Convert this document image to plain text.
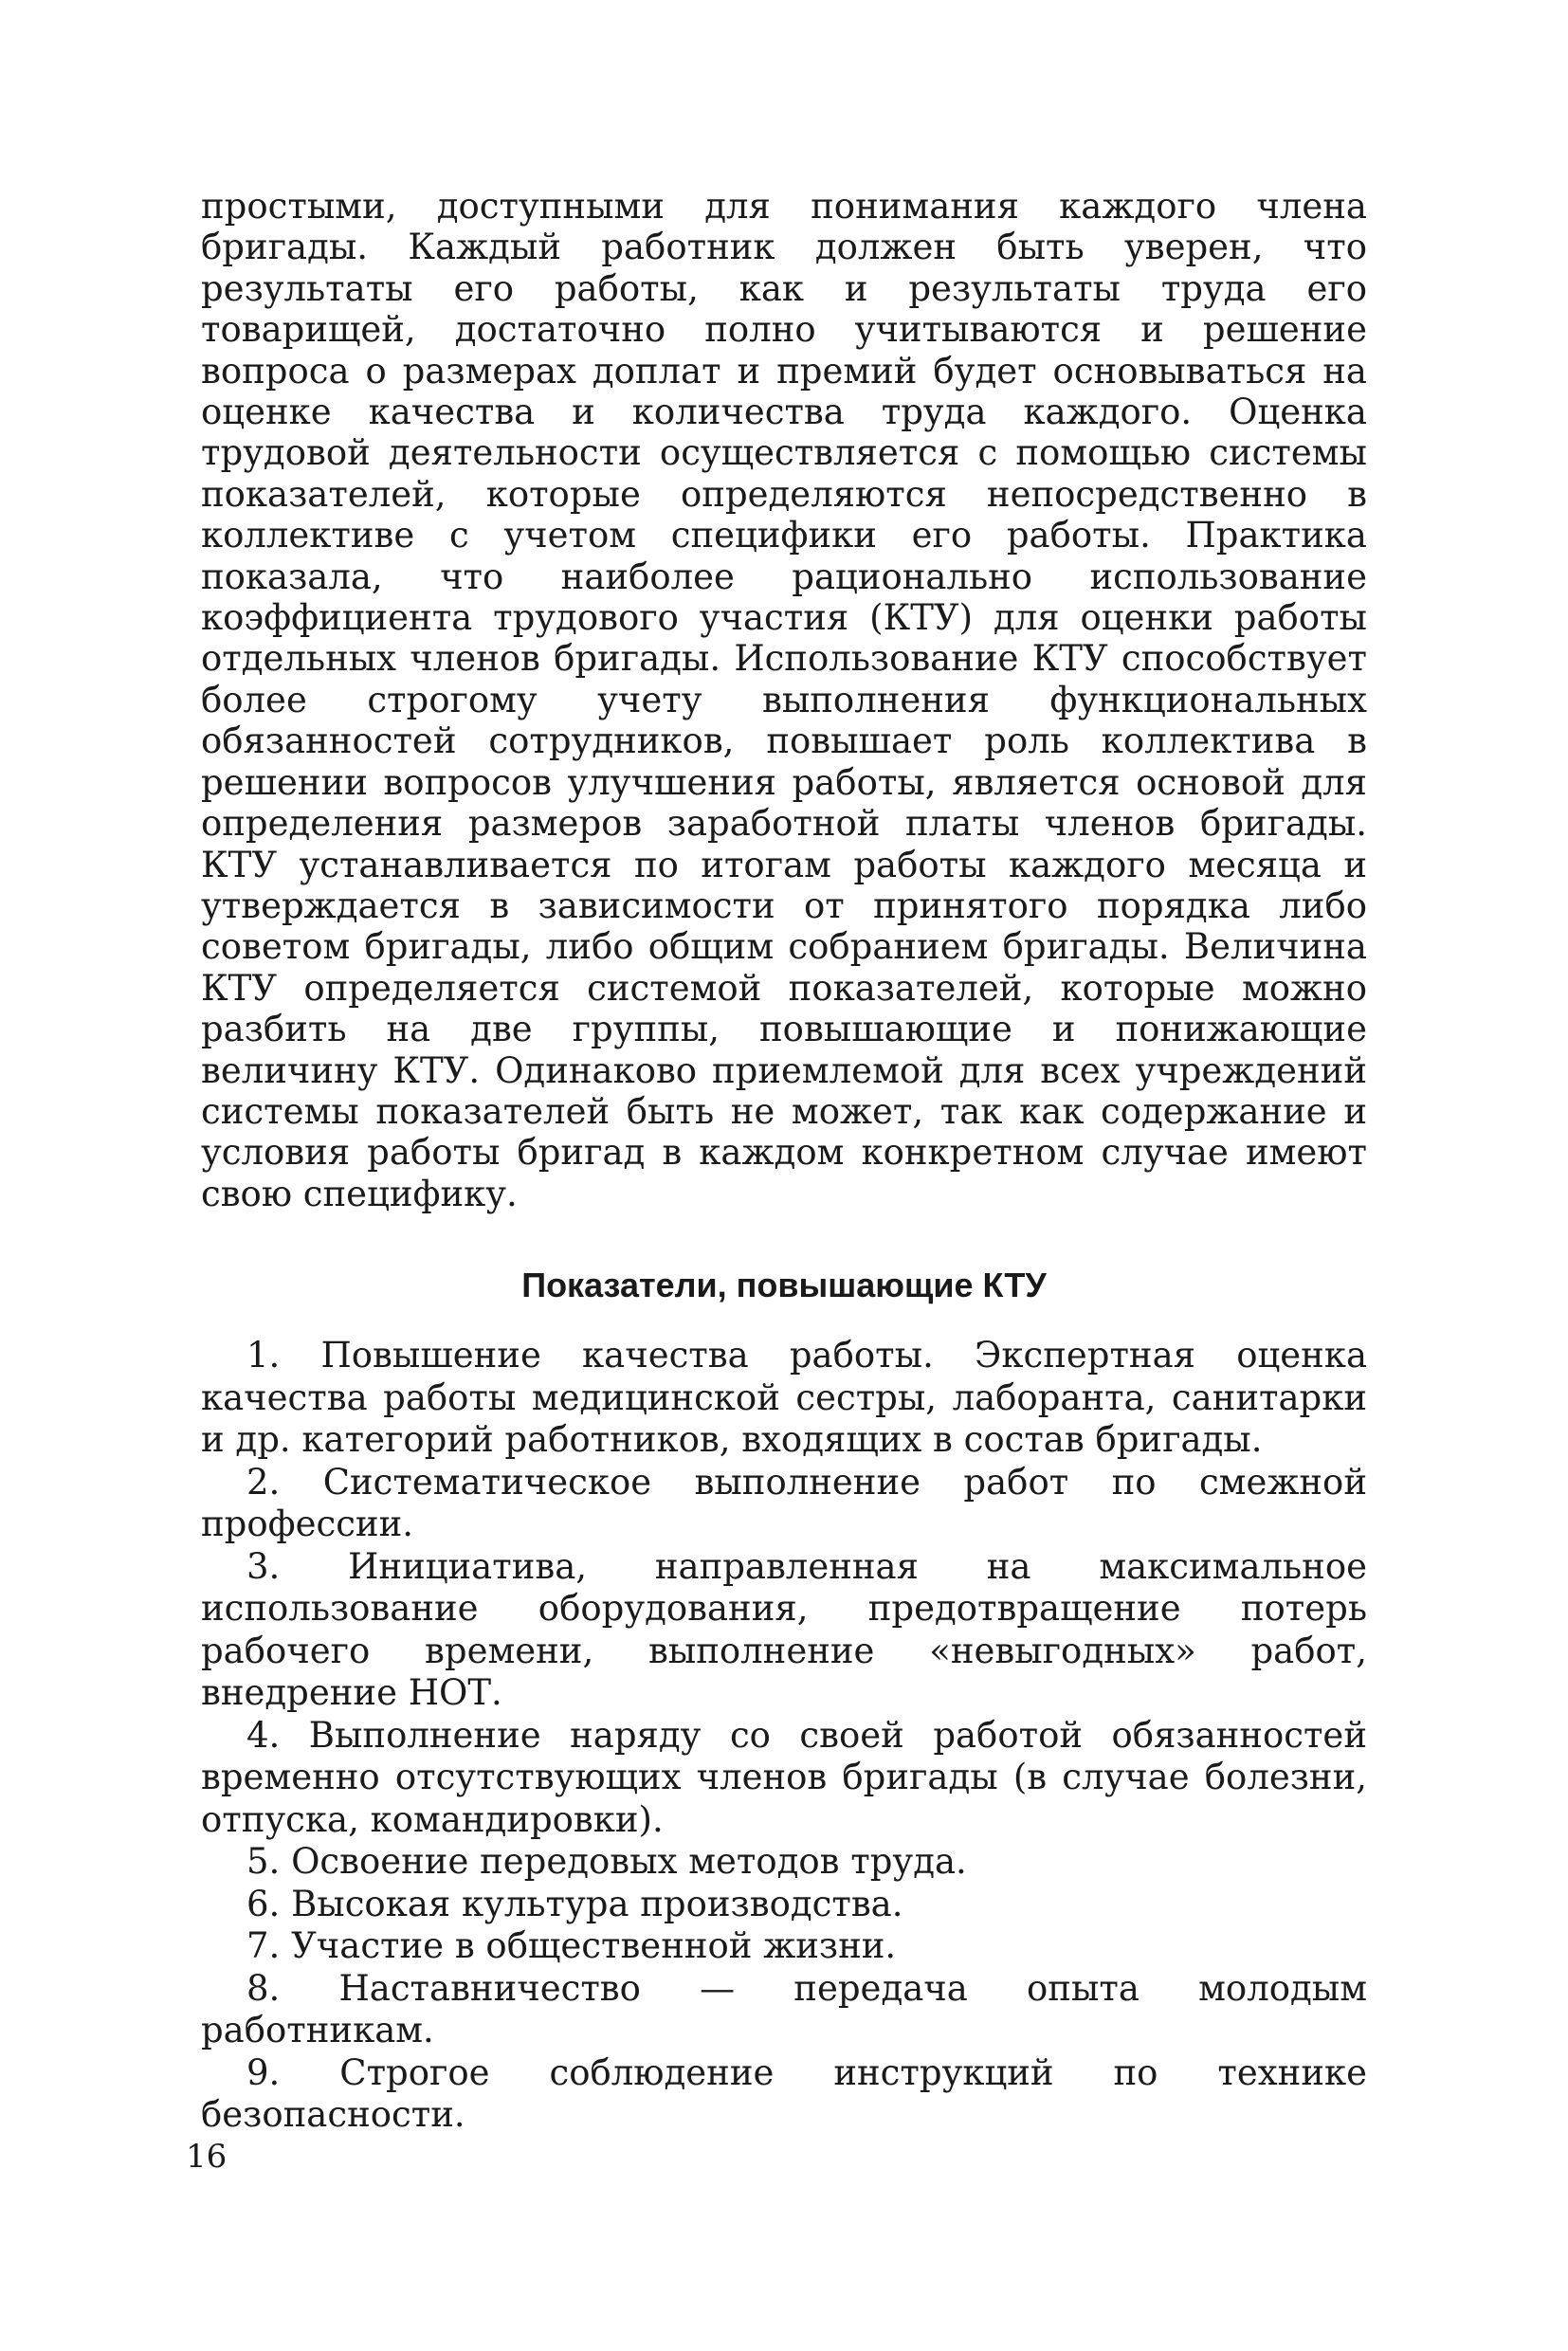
простыми, доступными для понимания каждого члена бригады. Каждый работник должен быть уверен, что результаты его работы, как и результаты труда его товарищей, достаточно полно учитываются и решение вопроса о размерах доплат и премий будет основываться на оценке качества и количества труда каждого. Оценка трудовой деятельности осуществляется с помощью системы показателей, которые определяются непосредственно в коллективе с учетом специфики его работы. Практика показала, что наиболее рационально использование коэффициента трудового участия (КТУ) для оценки работы отдельных членов бригады. Использование КТУ способствует более строгому учету выполнения функциональных обязанностей сотрудников, повышает роль коллектива в решении вопросов улучшения работы, является основой для определения размеров заработной платы членов бригады. КТУ устанавливается по итогам работы каждого месяца и утверждается в зависимости от принятого порядка либо советом бригады, либо общим собранием бригады. Величина КТУ определяется системой показателей, которые можно разбить на две группы, повышающие и понижающие величину КТУ. Одинаково приемлемой для всех учреждений системы показателей быть не может, так как содержание и условия работы бригад в каждом конкретном случае имеют свою специфику.

Показатели, повышающие КТУ
1. Повышение качества работы. Экспертная оценка качества работы медицинской сестры, лаборанта, санитарки и др. категорий работников, входящих в состав бригады.
2. Систематическое выполнение работ по смежной профессии.
3. Инициатива, направленная на максимальное использование оборудования, предотвращение потерь рабочего времени, выполнение «невыгодных» работ, внедрение НОТ.
4. Выполнение наряду со своей работой обязанностей временно отсутствующих членов бригады (в случае болезни, отпуска, командировки).
5. Освоение передовых методов труда.
6. Высокая культура производства.
7. Участие в общественной жизни.
8. Наставничество — передача опыта молодым работникам.
9. Строгое соблюдение инструкций по технике безопасности.
16
